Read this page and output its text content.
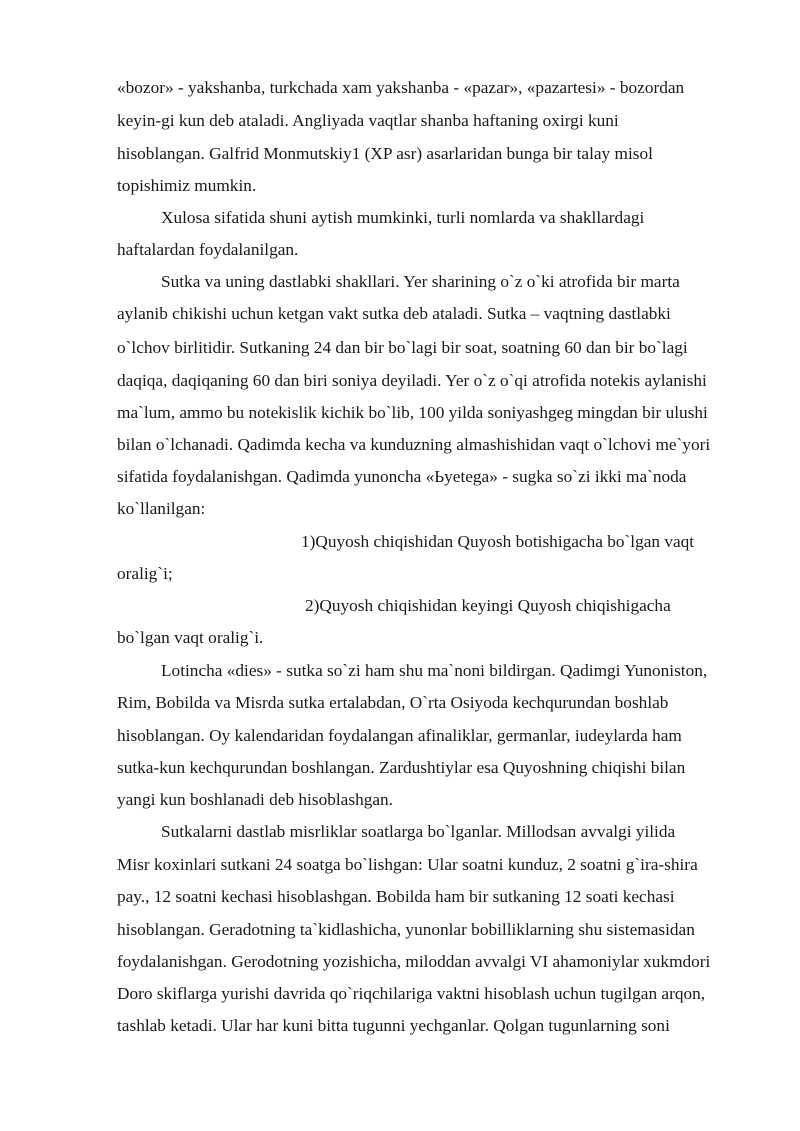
«bozor» - yakshanba, turkchada xam yakshanba - «pazar», «pazartesi» - bozordan
keyin-gi kun deb ataladi. Angliyada vaqtlar shanba haftaning oxirgi kuni
hisoblangan. Galfrid Monmutskiy1 (XP asr) asarlaridan bunga bir talay misol
topishimiz mumkin.
Xulosa sifatida shuni aytish mumkinki, turli nomlarda va shakllardagi
haftalardan foydalanilgan.
Sutka va uning dastlabki shakllari. Yer sharining o`z o`ki atrofida bir marta
aylanib chikishi uchun ketgan vakt sutka deb ataladi. Sutka – vaqtning dastlabki
o`lchov birlitidir. Sutkaning 24 dan bir bo`lagi bir soat, soatning 60 dan bir bo`lagi
daqiqa, daqiqaning 60 dan biri soniya deyiladi. Yer o`z o`qi atrofida notekis aylanishi
ma`lum, ammo bu notekislik kichik bo`lib, 100 yilda soniyashgeg mingdan bir ulushi
bilan o`lchanadi. Qadimda kecha va kunduzning almashishidan vaqt o`lchovi me`yori
sifatida foydalanishgan. Qadimda yunoncha «Ьуetega» - sugka so`zi ikki ma`noda
ko`llanilgan:
1)Quyosh chiqishidan Quyosh botishigacha bo`lgan vaqt
oralig`i;
2)Quyosh chiqishidan keyingi Quyosh chiqishigacha
bo`lgan vaqt oralig`i.
Lotincha «dies» - sutka so`zi ham shu ma`noni bildirgan. Qadimgi Yunoniston,
Rim, Bobilda va Misrda sutka ertalabdan, O`rta Osiyoda kechqurundan boshlab
hisoblangan. Oy kalendaridan foydalangan afinaliklar, germanlar, iudeylarda ham
sutka-kun kechqurundan boshlangan. Zardushtiylar esa Quyoshning chiqishi bilan
yangi kun boshlanadi deb hisoblashgan.
Sutkalarni dastlab misrliklar soatlarga bo`lganlar. Millodsan avvalgi yilida
Misr koxinlari sutkani 24 soatga bo`lishgan: Ular soatni kunduz, 2 soatni g`ira-shira
pay., 12 soatni kechasi hisoblashgan. Bobilda ham bir sutkaning 12 soati kechasi
hisoblangan. Geradotning ta`kidlashicha, yunonlar bobilliklarning shu sistemasidan
foydalanishgan. Gerodotning yozishicha, miloddan avvalgi VI ahamoniylar xukmdori
Doro skiflarga yurishi davrida qo`riqchilariga vaktni hisoblash uchun tugilgan arqon,
tashlab ketadi. Ular har kuni bitta tugunni yechganlar. Qolgan tugunlarning soni
